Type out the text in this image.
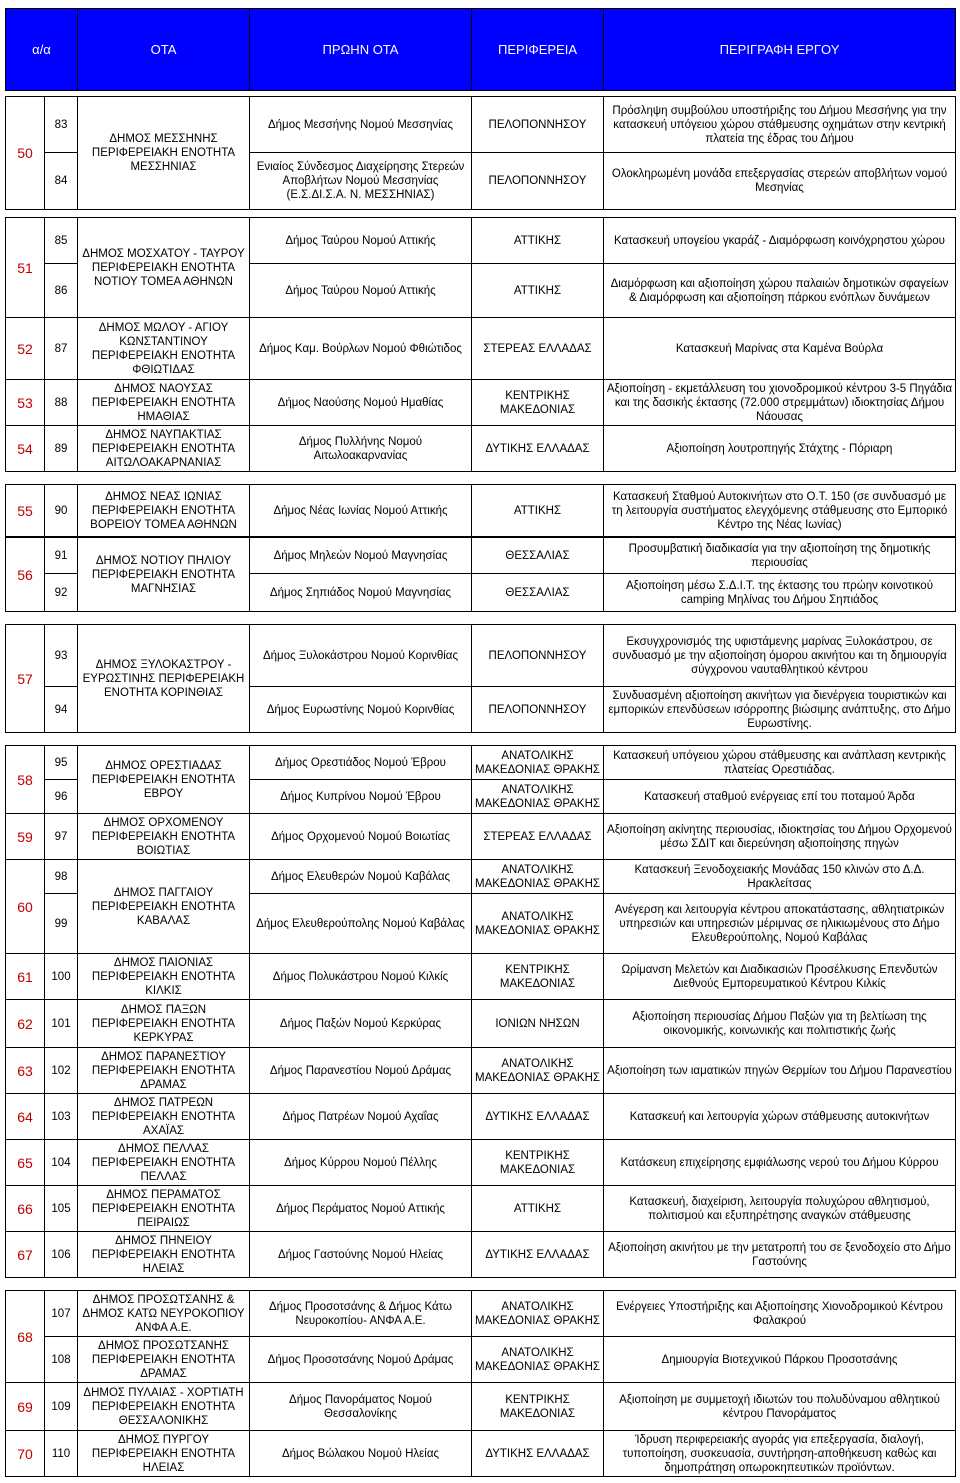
α/α	ΟΤΑ	ΠΡΩΗΝ ΟΤΑ	ΠΕΡΙΦΕΡΕΙΑ	ΠΕΡΙΓΡΑΦΗ ΕΡΓΟΥ
50	83	ΔΗΜΟΣ ΜΕΣΣΗΝΗΣ ΠΕΡΙΦΕΡΕΙΑΚΗ ΕΝΟΤΗΤΑ ΜΕΣΣΗΝΙΑΣ	Δήμος Μεσσήνης Νομού Μεσσηνίας	ΠΕΛΟΠΟΝΝΗΣΟΥ	Πρόσληψη συμβούλου υποστήριξης του Δήμου Μεσσήνης για την κατασκευή υπόγειου χώρου στάθμευσης οχημάτων στην κεντρική πλατεία της έδρας του Δήμου
	84		Ενιαίος Σύνδεσμος Διαχείρησης Στερεών Αποβλήτων Νομού Μεσσηνίας (Ε.Σ.ΔΙ.Σ.Α. Ν. ΜΕΣΣΗΝΙΑΣ)	ΠΕΛΟΠΟΝΝΗΣΟΥ	Ολοκληρωμένη μονάδα επεξεργασίας στερεών αποβλήτων νομού Μεσηνίας
51	85	ΔΗΜΟΣ ΜΟΣΧΑΤΟΥ - ΤΑΥΡΟΥ ΠΕΡΙΦΕΡΕΙΑΚΗ ΕΝΟΤΗΤΑ ΝΟΤΙΟΥ ΤΟΜΕΑ ΑΘΗΝΩΝ	Δήμος Ταύρου Νομού Αττικής	ΑΤΤΙΚΗΣ	Κατασκευή υπογείου γκαράζ - Διαμόρφωση κοινόχρηστου χώρου
	86		Δήμος Ταύρου Νομού Αττικής	ΑΤΤΙΚΗΣ	Διαμόρφωση και αξιοποίηση χώρου παλαιών δημοτικών σφαγείων & Διαμόρφωση και αξιοποίηση πάρκου ενόπλων δυνάμεων
52	87	ΔΗΜΟΣ ΜΩΛΟΥ - ΑΓΙΟΥ ΚΩΝΣΤΑΝΤΙΝΟΥ ΠΕΡΙΦΕΡΕΙΑΚΗ ΕΝΟΤΗΤΑ ΦΘΙΩΤΙΔΑΣ	Δήμος Καμ. Βούρλων Νομού Φθιώτιδος	ΣΤΕΡΕΑΣ ΕΛΛΑΔΑΣ	Κατασκευή Μαρίνας στα Καμένα Βούρλα
53	88	ΔΗΜΟΣ ΝΑΟΥΣΑΣ ΠΕΡΙΦΕΡΕΙΑΚΗ ΕΝΟΤΗΤΑ ΗΜΑΘΙΑΣ	Δήμος Ναούσης Νομού Ημαθίας	ΚΕΝΤΡΙΚΗΣ ΜΑΚΕΔΟΝΙΑΣ	Αξιοποίηση - εκμετάλλευση του χιονοδρομικού κέντρου 3-5 Πηγάδια και της δασικής έκτασης (72.000 στρεμμάτων) ιδιοκτησίας Δήμου Νάουσας
54	89	ΔΗΜΟΣ ΝΑΥΠΑΚΤΙΑΣ ΠΕΡΙΦΕΡΕΙΑΚΗ ΕΝΟΤΗΤΑ ΑΙΤΩΛΟΑΚΑΡΝΑΝΙΑΣ	Δήμος Πυλλήνης Νομού Αιτωλοακαρνανίας	ΔΥΤΙΚΗΣ ΕΛΛΑΔΑΣ	Αξιοποίηση λουτροπηγής Στάχτης - Πόριαρη

55	90	ΔΗΜΟΣ ΝΕΑΣ ΙΩΝΙΑΣ ΠΕΡΙΦΕΡΕΙΑΚΗ ΕΝΟΤΗΤΑ ΒΟΡΕΙΟΥ ΤΟΜΕΑ ΑΘΗΝΩΝ	Δήμος Νέας Ιωνίας Νομού Αττικής	ΑΤΤΙΚΗΣ	Κατασκευή Σταθμού Αυτοκινήτων στο Ο.Τ. 150 (σε συνδυασμό με τη λειτουργία συστήματος ελεγχόμενης στάθμευσης στο Εμπορικό Κέντρο της Νέας Ιωνίας)
56	91	ΔΗΜΟΣ ΝΟΤΙΟΥ ΠΗΛΙΟΥ ΠΕΡΙΦΕΡΕΙΑΚΗ ΕΝΟΤΗΤΑ ΜΑΓΝΗΣΙΑΣ	Δήμος Μηλεών Νομού Μαγνησίας	ΘΕΣΣΑΛΙΑΣ	Προσυμβατική διαδικασία για την αξιοποίηση της δημοτικής περιουσίας
	92		Δήμος Σηπιάδος Νομού Μαγνησίας	ΘΕΣΣΑΛΙΑΣ	Αξιοποίηση μέσω Σ.Δ.Ι.Τ. της έκτασης του πρώην κοινοτικού camping Μηλίνας του Δήμου Σηπιάδος

57	93	ΔΗΜΟΣ ΞΥΛΟΚΑΣΤΡΟΥ - ΕΥΡΩΣΤΙΝΗΣ ΠΕΡΙΦΕΡΕΙΑΚΗ ΕΝΟΤΗΤΑ ΚΟΡΙΝΘΙΑΣ	Δήμος Ξυλοκάστρου Νομού Κορινθίας	ΠΕΛΟΠΟΝΝΗΣΟΥ	Εκσυγχρονισμός της υφιστάμενης μαρίνας Ξυλοκάστρου, σε συνδυασμό με την αξιοποίηση όμορου ακινήτου και τη δημιουργία σύγχρονου ναυταθλητικού κέντρου
	94		Δήμος Ευρωστίνης Νομού Κορινθίας	ΠΕΛΟΠΟΝΝΗΣΟΥ	Συνδυασμένη αξιοποίηση ακινήτων για διενέργεια τουριστικών και εμπορικών επενδύσεων ισόρροπης βιώσιμης ανάπτυξης, στο Δήμο Ευρωστίνης.

58	95	ΔΗΜΟΣ ΟΡΕΣΤΙΑΔΑΣ ΠΕΡΙΦΕΡΕΙΑΚΗ ΕΝΟΤΗΤΑ ΕΒΡΟΥ	Δήμος Ορεστιάδος Νομού Έβρου	ΑΝΑΤΟΛΙΚΗΣ ΜΑΚΕΔΟΝΙΑΣ ΘΡΑΚΗΣ	Κατασκευή υπόγειου χώρου στάθμευσης και ανάπλαση κεντρικής πλατείας Ορεστιάδας.
	96		Δήμος Κυπρίνου Νομού Έβρου	ΑΝΑΤΟΛΙΚΗΣ ΜΑΚΕΔΟΝΙΑΣ ΘΡΑΚΗΣ	Κατασκευή σταθμού ενέργειας επί του ποταμού Άρδα
59	97	ΔΗΜΟΣ ΟΡΧΟΜΕΝΟΥ ΠΕΡΙΦΕΡΕΙΑΚΗ ΕΝΟΤΗΤΑ ΒΟΙΩΤΙΑΣ	Δήμος Ορχομενού Νομού Βοιωτίας	ΣΤΕΡΕΑΣ ΕΛΛΑΔΑΣ	Αξιοποίηση ακίνητης περιουσίας, ιδιοκτησίας του Δήμου Ορχομενού μέσω ΣΔΙΤ και διερεύνηση αξιοποίησης πηγών
60	98	ΔΗΜΟΣ ΠΑΓΓΑΙΟΥ ΠΕΡΙΦΕΡΕΙΑΚΗ ΕΝΟΤΗΤΑ ΚΑΒΑΛΑΣ	Δήμος Ελευθερών Νομού Καβάλας	ΑΝΑΤΟΛΙΚΗΣ ΜΑΚΕΔΟΝΙΑΣ ΘΡΑΚΗΣ	Κατασκευή Ξενοδοχειακής Μονάδας 150 κλινών στο Δ.Δ. Ηρακλείτσας
	99		Δήμος Ελευθερούπολης Νομού Καβάλας	ΑΝΑΤΟΛΙΚΗΣ ΜΑΚΕΔΟΝΙΑΣ ΘΡΑΚΗΣ	Ανέγερση και λειτουργία κέντρου αποκατάστασης, αθλητιατρικών υπηρεσιών και υπηρεσιών μέριμνας σε ηλικιωμένους στο Δήμο Ελευθερούπολης, Νομού Καβάλας
61	100	ΔΗΜΟΣ ΠΑΙΟΝΙΑΣ ΠΕΡΙΦΕΡΕΙΑΚΗ ΕΝΟΤΗΤΑ ΚΙΛΚΙΣ	Δήμος Πολυκάστρου Νομού Κιλκίς	ΚΕΝΤΡΙΚΗΣ ΜΑΚΕΔΟΝΙΑΣ	Ωρίμανση Μελετών και Διαδικασιών Προσέλκυσης Επενδυτών Διεθνούς Εμπορευματικού Κέντρου Κιλκίς
62	101	ΔΗΜΟΣ ΠΑΞΩΝ ΠΕΡΙΦΕΡΕΙΑΚΗ ΕΝΟΤΗΤΑ ΚΕΡΚΥΡΑΣ	Δήμος Παξών Νομού Κερκύρας	ΙΟΝΙΩΝ ΝΗΣΩΝ	Αξιοποίηση περιουσίας Δήμου Παξών για τη βελτίωση της οικονομικής, κοινωνικής και πολιτιστικής ζωής
63	102	ΔΗΜΟΣ ΠΑΡΑΝΕΣΤΙΟΥ ΠΕΡΙΦΕΡΕΙΑΚΗ ΕΝΟΤΗΤΑ ΔΡΑΜΑΣ	Δήμος Παρανεστίου Νομού Δράμας	ΑΝΑΤΟΛΙΚΗΣ ΜΑΚΕΔΟΝΙΑΣ ΘΡΑΚΗΣ	Αξιοποίηση των ιαματικών πηγών Θερμίων του Δήμου Παρανεστίου
64	103	ΔΗΜΟΣ ΠΑΤΡΕΩΝ ΠΕΡΙΦΕΡΕΙΑΚΗ ΕΝΟΤΗΤΑ ΑΧΑΪΑΣ	Δήμος Πατρέων Νομού Αχαΐας	ΔΥΤΙΚΗΣ ΕΛΛΑΔΑΣ	Κατασκευή και λειτουργία χώρων στάθμευσης αυτοκινήτων
65	104	ΔΗΜΟΣ ΠΕΛΛΑΣ ΠΕΡΙΦΕΡΕΙΑΚΗ ΕΝΟΤΗΤΑ ΠΕΛΛΑΣ	Δήμος Κύρρου Νομού Πέλλης	ΚΕΝΤΡΙΚΗΣ ΜΑΚΕΔΟΝΙΑΣ	Κατάσκευη επιχείρησης εμφιάλωσης νερού του Δήμου Κύρρου
66	105	ΔΗΜΟΣ ΠΕΡΑΜΑΤΟΣ ΠΕΡΙΦΕΡΕΙΑΚΗ ΕΝΟΤΗΤΑ ΠΕΙΡΑΙΩΣ	Δήμος Περάματος Νομού Αττικής	ΑΤΤΙΚΗΣ	Κατασκευή, διαχείριση, λειτουργία πολυχώρου αθλητισμού, πολιτισμού και εξυπηρέτησης αναγκών στάθμευσης
67	106	ΔΗΜΟΣ ΠΗΝΕΙΟΥ ΠΕΡΙΦΕΡΕΙΑΚΗ ΕΝΟΤΗΤΑ ΗΛΕΙΑΣ	Δήμος Γαστούνης Νομού Ηλείας	ΔΥΤΙΚΗΣ ΕΛΛΑΔΑΣ	Αξιοποίηση ακινήτου με την μετατροπή του σε ξενοδοχείο στο Δήμο Γαστούνης

68	107	ΔΗΜΟΣ ΠΡΟΣΩΤΣΑΝΗΣ & ΔΗΜΟΣ ΚΑΤΩ ΝΕΥΡΟΚΟΠΙΟΥ ΑΝΦΑ Α.Ε.	Δήμος Προσοτσάνης & Δήμος Κάτω Νευροκοπίου- ΑΝΦΑ Α.Ε.	ΑΝΑΤΟΛΙΚΗΣ ΜΑΚΕΔΟΝΙΑΣ ΘΡΑΚΗΣ	Ενέργειες Υποστήριξης και Αξιοποίησης Χιονοδρομικού Κέντρου Φαλακρού
	108	ΔΗΜΟΣ ΠΡΟΣΩΤΣΑΝΗΣ ΠΕΡΙΦΕΡΕΙΑΚΗ ΕΝΟΤΗΤΑ ΔΡΑΜΑΣ	Δήμος Προσοτσάνης Νομού Δράμας	ΑΝΑΤΟΛΙΚΗΣ ΜΑΚΕΔΟΝΙΑΣ ΘΡΑΚΗΣ	Δημιουργία Βιοτεχνικού Πάρκου Προσοτσάνης
69	109	ΔΗΜΟΣ ΠΥΛΑΙΑΣ - ΧΟΡΤΙΑΤΗ ΠΕΡΙΦΕΡΕΙΑΚΗ ΕΝΟΤΗΤΑ ΘΕΣΣΑΛΟΝΙΚΗΣ	Δήμος Πανοράματος Νομού Θεσσαλονίκης	ΚΕΝΤΡΙΚΗΣ ΜΑΚΕΔΟΝΙΑΣ	Αξιοποίηση με συμμετοχή ιδιωτών του πολυδύναμου αθλητικού κέντρου Πανοράματος
70	110	ΔΗΜΟΣ ΠΥΡΓΟΥ ΠΕΡΙΦΕΡΕΙΑΚΗ ΕΝΟΤΗΤΑ ΗΛΕΙΑΣ	Δήμος Βώλακου Νομού Ηλείας	ΔΥΤΙΚΗΣ ΕΛΛΑΔΑΣ	Ίδρυση περιφερειακής αγοράς για επεξεργασία, διαλογή, τυποποίηση, συσκευασία, συντήρηση-αποθήκευση καθώς και δημοπράτηση οπωροκηπευτικών προϊόντων.
